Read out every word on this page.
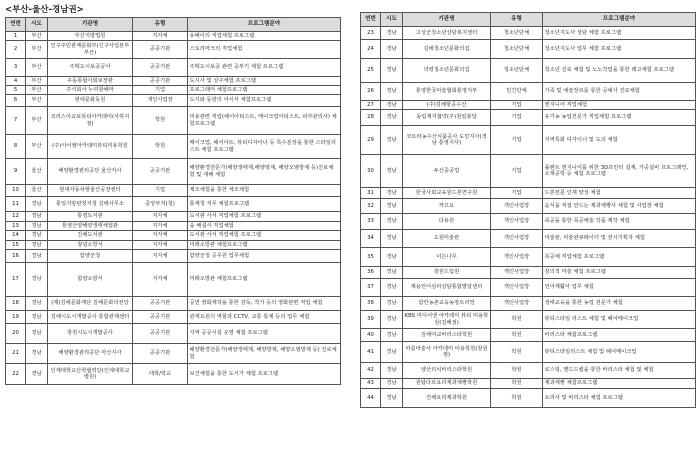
<부산-울산-경남권>
연번	시도	기관명	유형	프로그램분야
1	부산	부산지방법원	지자체	유배이의 직업체험 프로그램
2	부산	인구주민관계문화부(신구사업본부부산)	공공기관	스토리마크의 직업체험
3	부산	주택도시보증공사	공공기관	주택도시보증 관련 공부기 체험 프로그램
4	부산	주동통합사회보장관	공공기관	도시사 및 상주체험 프로그램
5	부산	주식회사 누리항해마	기업	프로그래머 체험프로그램
6	부산	현대문화동원	개인사업장	도시와 동방의 아시서 체험프로그램
7	부산	코리스아교보뷰티아카데미(사하지점)	학원	미용관련 직업(헤어아티스트, 메이크업아티스트, 피부관리사) 체험프로그램
8	부산	(주)아이엠아카데미뷰티미용학원	학원	메이크업, 헤어아트, 뷰티디자이너 등 특수분장을 통한 스타일리스트 체험 프로그램
9	울산	해양환경관리공단 울산지사	공공기관	해양환경전문가(해양생태계,해양방제, 해양오염방제 등)진로체험 및 대해 체험
10	울산	현대자동차항울산공장센터	기업	제조체험을 통한 체조체험
11	경남	통일지방관청지청 김해사무소	중앙부처(청)	통계청 직무 체험프로그램
12	경남	통영도서관	지자체	도서관 사서 직업체험 프로그램
13	경남	통영산양해양생태체험관	지자체	숲 해설사 직업체험
14	경남	진해도서관	지자체	도서관 사서 직업체험 프로그램
15	경남	창녕소방서	지자체	미래소방관 체험프로그램
16	경남	함양군청	지자체	함양군청 공무원 업무체험
17	경남	함양소방서	지자체	미래소방관 체험프로그램
18	경남	(재)김해문화재단 김해문화의전당	공공기관	공연 영화제작을 통한 감독, 작가 등의 영화관련 직업 체험
19	경남	김해시도시개발공사 통합관제센터	공공기관	관제요원의 역할과 CCTV, 교통 통제 등의 업무 체험
20	경남	창원시도시개발공사	공공기관	지역 공공시설 운영 체험 프로그램
21	경남	해양환경관리공단 마산지사	공공기관	해양환경전문가(해양생태계, 해양방제, 해양오염방제 등) 진로체험
22	경남	인제대학교산학협력단(인제대학교병원)	대학/학교	보건체험을 통한 도서가 체험 프로그램
연번	시도	기관명	유형	프로그램분야
23	경남	고성군청소년상담복지센터	청소년단체	청소년지도사 상담 체험 프로그램
24	경남	김해청소년문화의집	청소년단체	청소년지도사 업무 체험 프로그램
25	경남	의령청소년문화의집	청소년단체	청소년 진로 체험 및 노노작업을 통한 레고체험 프로그램
26	경남	통영한국미술협회통영지부	민간단체	가족 및 예술장르를 통한 공예사 진로체험
27	경남	(주)김해항공수산	기업	엔지니어 직업체험
28	경남	동림제지협약(주)원림봉달	기업	유기농 농업전문가 직업체험 프로그램
29	경남	코트라농수산식품공사 도민지사(경남 통영지사)	기업	지역특화 디자이너 및 도의 체험
30	경남	두산중공업	기업	플랜트 엔지니어를 위한 3D프린터 설계, 가공설비 프로그래밍, 소재공학 등 체험 프로그램
31	경남	한국사회교육원드론연구원	기업	드론전문 인재 양성 체험
32	경남	까끄요	개인사업장	음식을 직접 만드는 제과제빵사 체험 및 사업장 체험
33	경남	다용원	개인사업장	목공을 통한 목공예술 작품 제작 체험
34	경남	도원미술관	개인사업장	미술관, 미술관큐레이터 및 전시기획자 체험
35	경남	이든나무	개인사업장	목공예 직업체험 프로그램
36	경남	창원드림원	개인사업장	창의적 미술 체험 프로그램
37	경남	계용언어심리상담통합발달센터	개인사업장	언어재활사 업무 체험
38	경남	함안농촌교육농장트리밍	개인사업장	생태교육을 통한 농업 전문가 체험
39	경남	KBS 미디어엔 아카데미 뷰티 미용학원(김해점)	학원	뷰티스타일 리스트 체험 및 헤어메이크업
40	경남	김해여교바리스타학원	학원	바리스타 체험프로그램
41	경남	마름마술사 아카데미 미용학원(창원점)	학원	뷰티스타일리스트 체험 및 헤어메이크업
42	경남	양산리치바리스타학원	학원	로스팅, 핸드드립을 통한 바리스타 체험 및 체험
43	경남	원탑다르요리제과제빵학원	학원	제과제빵 체험프로그램
44	경남	진해요리제과학원	학원	요리사 및 바리스타 체험 프로그램
